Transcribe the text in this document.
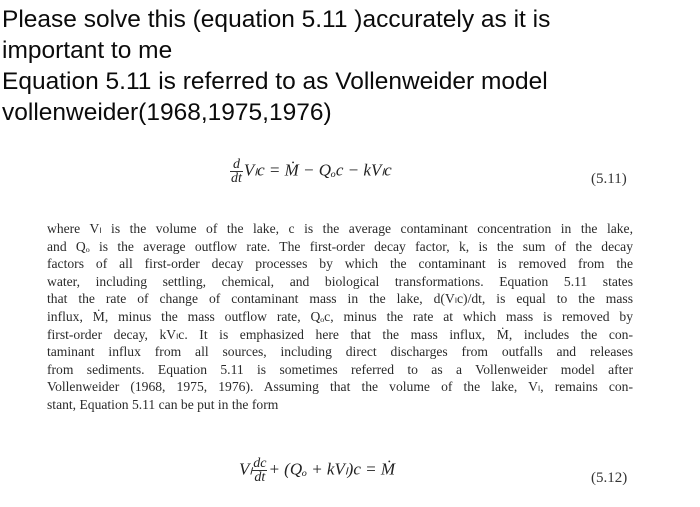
Please solve this (equation 5.11 )accurately as it is
important to me
Equation 5.11 is referred to as Vollenweider model
vollenweider(1968,1975,1976)
$\frac{d}{dt}$ Vₗc = Ṁ − Qₒc − kVₗc	(5.11)
where Vₗ is the volume of the lake, c is the average contaminant concentration in the lake,
and Qₒ is the average outflow rate. The first-order decay factor, k, is the sum of the decay
factors of all first-order decay processes by which the contaminant is removed from the
water, including settling, chemical, and biological transformations. Equation 5.11 states
that the rate of change of contaminant mass in the lake, d(Vₗc)/dt, is equal to the mass
influx, Ṁ, minus the mass outflow rate, Qₒc, minus the rate at which mass is removed by
first-order decay, kVₗc. It is emphasized here that the mass influx, Ṁ, includes the con-
taminant influx from all sources, including direct discharges from outfalls and releases
from sediments. Equation 5.11 is sometimes referred to as a Vollenweider model after
Vollenweider (1968, 1975, 1976). Assuming that the volume of the lake, Vₗ, remains con-
stant, Equation 5.11 can be put in the form
Vₗ $\frac{dc}{dt} + (Q_o + kV_l)c$ = Ṁ	(5.12)
